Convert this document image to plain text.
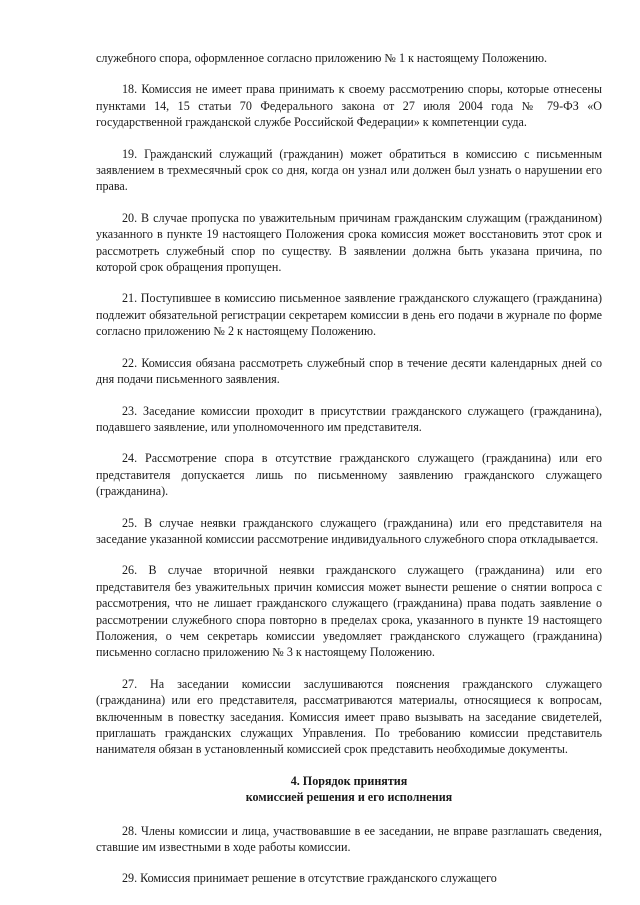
служебного спора, оформленное согласно приложению № 1 к настоящему Положению.

18. Комиссия не имеет права принимать к своему рассмотрению споры, которые отнесены пунктами 14, 15 статьи 70 Федерального закона от 27 июля 2004 года № 79-ФЗ «О государственной гражданской службе Российской Федерации» к компетенции суда.

19. Гражданский служащий (гражданин) может обратиться в комиссию с письменным заявлением в трехмесячный срок со дня, когда он узнал или должен был узнать о нарушении его права.

20. В случае пропуска по уважительным причинам гражданским служащим (гражданином) указанного в пункте 19 настоящего Положения срока комиссия может восстановить этот срок и рассмотреть служебный спор по существу. В заявлении должна быть указана причина, по которой срок обращения пропущен.

21. Поступившее в комиссию письменное заявление гражданского служащего (гражданина) подлежит обязательной регистрации секретарем комиссии в день его подачи в журнале по форме согласно приложению № 2 к настоящему Положению.

22. Комиссия обязана рассмотреть служебный спор в течение десяти календарных дней со дня подачи письменного заявления.

23. Заседание комиссии проходит в присутствии гражданского служащего (гражданина), подавшего заявление, или уполномоченного им представителя.

24. Рассмотрение спора в отсутствие гражданского служащего (гражданина) или его представителя допускается лишь по письменному заявлению гражданского служащего (гражданина).

25. В случае неявки гражданского служащего (гражданина) или его представителя на заседание указанной комиссии рассмотрение индивидуального служебного спора откладывается.

26. В случае вторичной неявки гражданского служащего (гражданина) или его представителя без уважительных причин комиссия может вынести решение о снятии вопроса с рассмотрения, что не лишает гражданского служащего (гражданина) права подать заявление о рассмотрении служебного спора повторно в пределах срока, указанного в пункте 19 настоящего Положения, о чем секретарь комиссии уведомляет гражданского служащего (гражданина) письменно согласно приложению № 3 к настоящему Положению.

27. На заседании комиссии заслушиваются пояснения гражданского служащего (гражданина) или его представителя, рассматриваются материалы, относящиеся к вопросам, включенным в повестку заседания. Комиссия имеет право вызывать на заседание свидетелей, приглашать гражданских служащих Управления. По требованию комиссии представитель нанимателя обязан в установленный комиссией срок представить необходимые документы.

4. Порядок принятия
комиссией решения и его исполнения

28. Члены комиссии и лица, участвовавшие в ее заседании, не вправе разглашать сведения, ставшие им известными в ходе работы комиссии.

29. Комиссия принимает решение в отсутствие гражданского служащего
